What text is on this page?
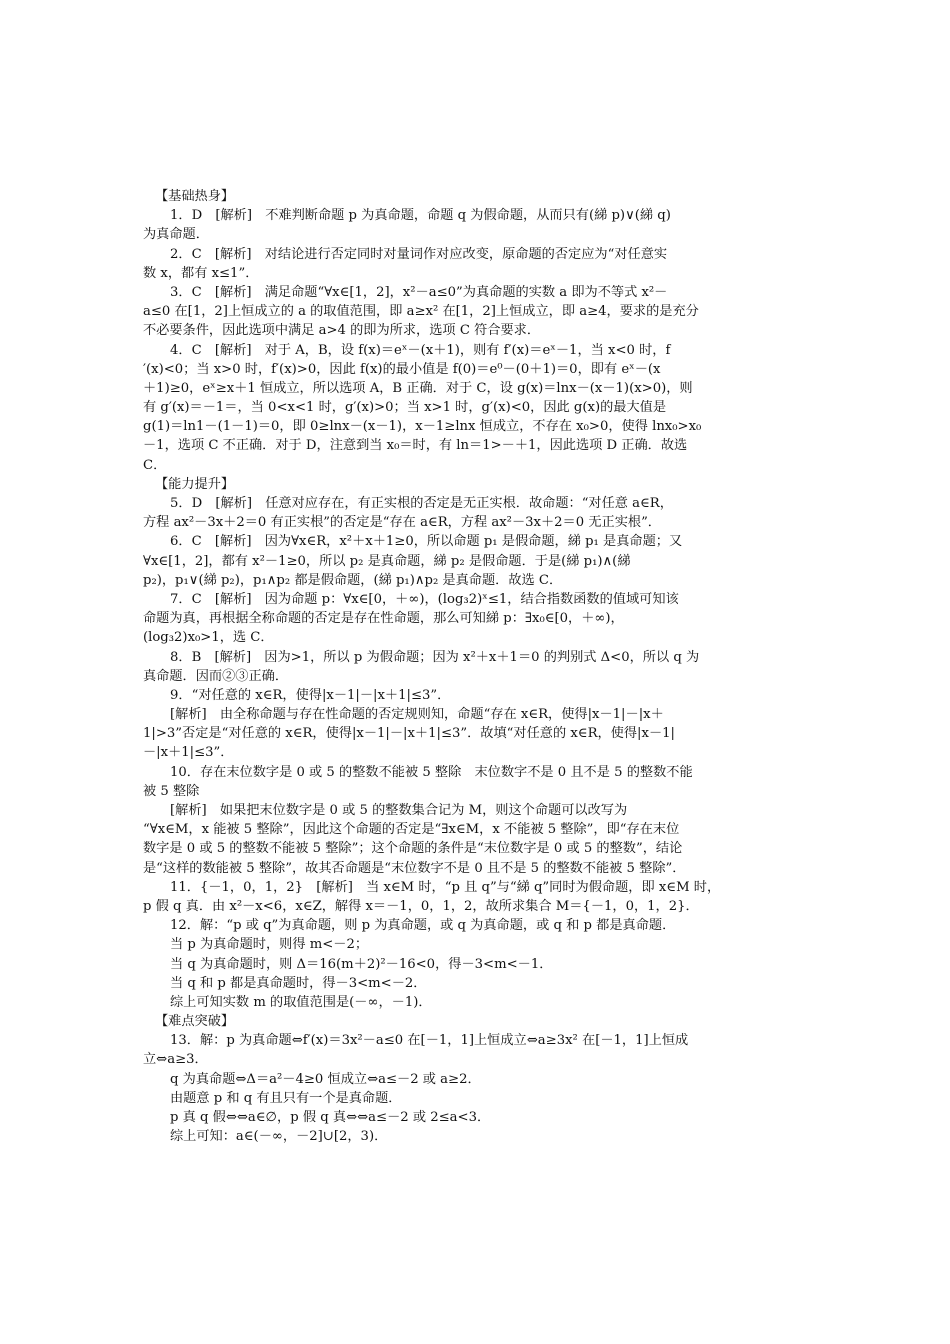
【基础热身】
1．D　[解析]　不难判断命题 p 为真命题，命题 q 为假命题，从而只有(綈 p)∨(綈 q)
为真命题．
2．C　[解析]　对结论进行否定同时对量词作对应改变，原命题的否定应为“对任意实
数 x，都有 x≤1”．
3．C　[解析]　满足命题“∀x∈[1，2]，x²－a≤0”为真命题的实数 a 即为不等式 x²－
a≤0 在[1，2]上恒成立的 a 的取值范围，即 a≥x² 在[1，2]上恒成立，即 a≥4，要求的是充分
不必要条件，因此选项中满足 a>4 的即为所求，选项 C 符合要求．
4．C　[解析]　对于 A，B，设 f(x)＝eˣ－(x＋1)，则有 f′(x)＝eˣ－1，当 x<0 时，f
′(x)<0；当 x>0 时，f′(x)>0，因此 f(x)的最小值是 f(0)＝e⁰－(0＋1)＝0，即有 eˣ－(x
＋1)≥0，eˣ≥x＋1 恒成立，所以选项 A，B 正确．对于 C，设 g(x)＝lnx－(x－1)(x>0)，则
有 g′(x)＝－1＝，当 0<x<1 时，g′(x)>0；当 x>1 时，g′(x)<0，因此 g(x)的最大值是
g(1)＝ln1－(1－1)＝0，即 0≥lnx－(x－1)，x－1≥lnx 恒成立，不存在 x₀>0，使得 lnx₀>x₀
－1，选项 C 不正确．对于 D，注意到当 x₀＝时，有 ln＝1>－＋1，因此选项 D 正确．故选
C．
【能力提升】
5．D　[解析]　任意对应存在，有正实根的否定是无正实根．故命题：“对任意 a∈R，
方程 ax²－3x＋2＝0 有正实根”的否定是“存在 a∈R，方程 ax²－3x＋2＝0 无正实根”．
6．C　[解析]　因为∀x∈R，x²＋x＋1≥0，所以命题 p₁ 是假命题，綈 p₁ 是真命题；又
∀x∈[1，2]，都有 x²－1≥0，所以 p₂ 是真命题，綈 p₂ 是假命题．于是(綈 p₁)∧(綈
p₂)，p₁∨(綈 p₂)，p₁∧p₂ 都是假命题，(綈 p₁)∧p₂ 是真命题．故选 C．
7．C　[解析]　因为命题 p：∀x∈[0，＋∞)，(log₃2)ˣ≤1，结合指数函数的值域可知该
命题为真，再根据全称命题的否定是存在性命题，那么可知綈 p：∃x₀∈[0，＋∞)，
(log₃2)x₀>1，选 C．
8．B　[解析]　因为>1，所以 p 为假命题；因为 x²＋x＋1＝0 的判别式 Δ<0，所以 q 为
真命题．因而②③正确．
9．“对任意的 x∈R，使得|x－1|－|x＋1|≤3”．
[解析]　由全称命题与存在性命题的否定规则知，命题“存在 x∈R，使得|x－1|－|x＋
1|>3”否定是“对任意的 x∈R，使得|x－1|－|x＋1|≤3”．故填“对任意的 x∈R，使得|x－1|
－|x＋1|≤3”．
10．存在末位数字是 0 或 5 的整数不能被 5 整除　末位数字不是 0 且不是 5 的整数不能
被 5 整除
[解析]　如果把末位数字是 0 或 5 的整数集合记为 M，则这个命题可以改写为
“∀x∈M，x 能被 5 整除”，因此这个命题的否定是“∃x∈M，x 不能被 5 整除”，即“存在末位
数字是 0 或 5 的整数不能被 5 整除”；这个命题的条件是“末位数字是 0 或 5 的整数”，结论
是“这样的数能被 5 整除”，故其否命题是“末位数字不是 0 且不是 5 的整数不能被 5 整除”．
11．{－1，0，1，2}　[解析]　当 x∈M 时，“p 且 q”与“綈 q”同时为假命题，即 x∈M 时，
p 假 q 真．由 x²－x<6，x∈Z，解得 x＝－1，0，1，2，故所求集合 M＝{－1，0，1，2}．
12．解：“p 或 q”为真命题，则 p 为真命题，或 q 为真命题，或 q 和 p 都是真命题．
当 p 为真命题时，则得 m<－2；
当 q 为真命题时，则 Δ＝16(m＋2)²－16<0，得－3<m<－1．
当 q 和 p 都是真命题时，得－3<m<－2．
综上可知实数 m 的取值范围是(－∞，－1)．
【难点突破】
13．解：p 为真命题⇔f′(x)＝3x²－a≤0 在[－1，1]上恒成立⇔a≥3x² 在[－1，1]上恒成
立⇔a≥3．
q 为真命题⇔Δ＝a²－4≥0 恒成立⇔a≤－2 或 a≥2．
由题意 p 和 q 有且只有一个是真命题．
p 真 q 假⇔⇔a∈∅，p 假 q 真⇔⇔a≤－2 或 2≤a<3．
综上可知：a∈(－∞，－2]∪[2，3)．
